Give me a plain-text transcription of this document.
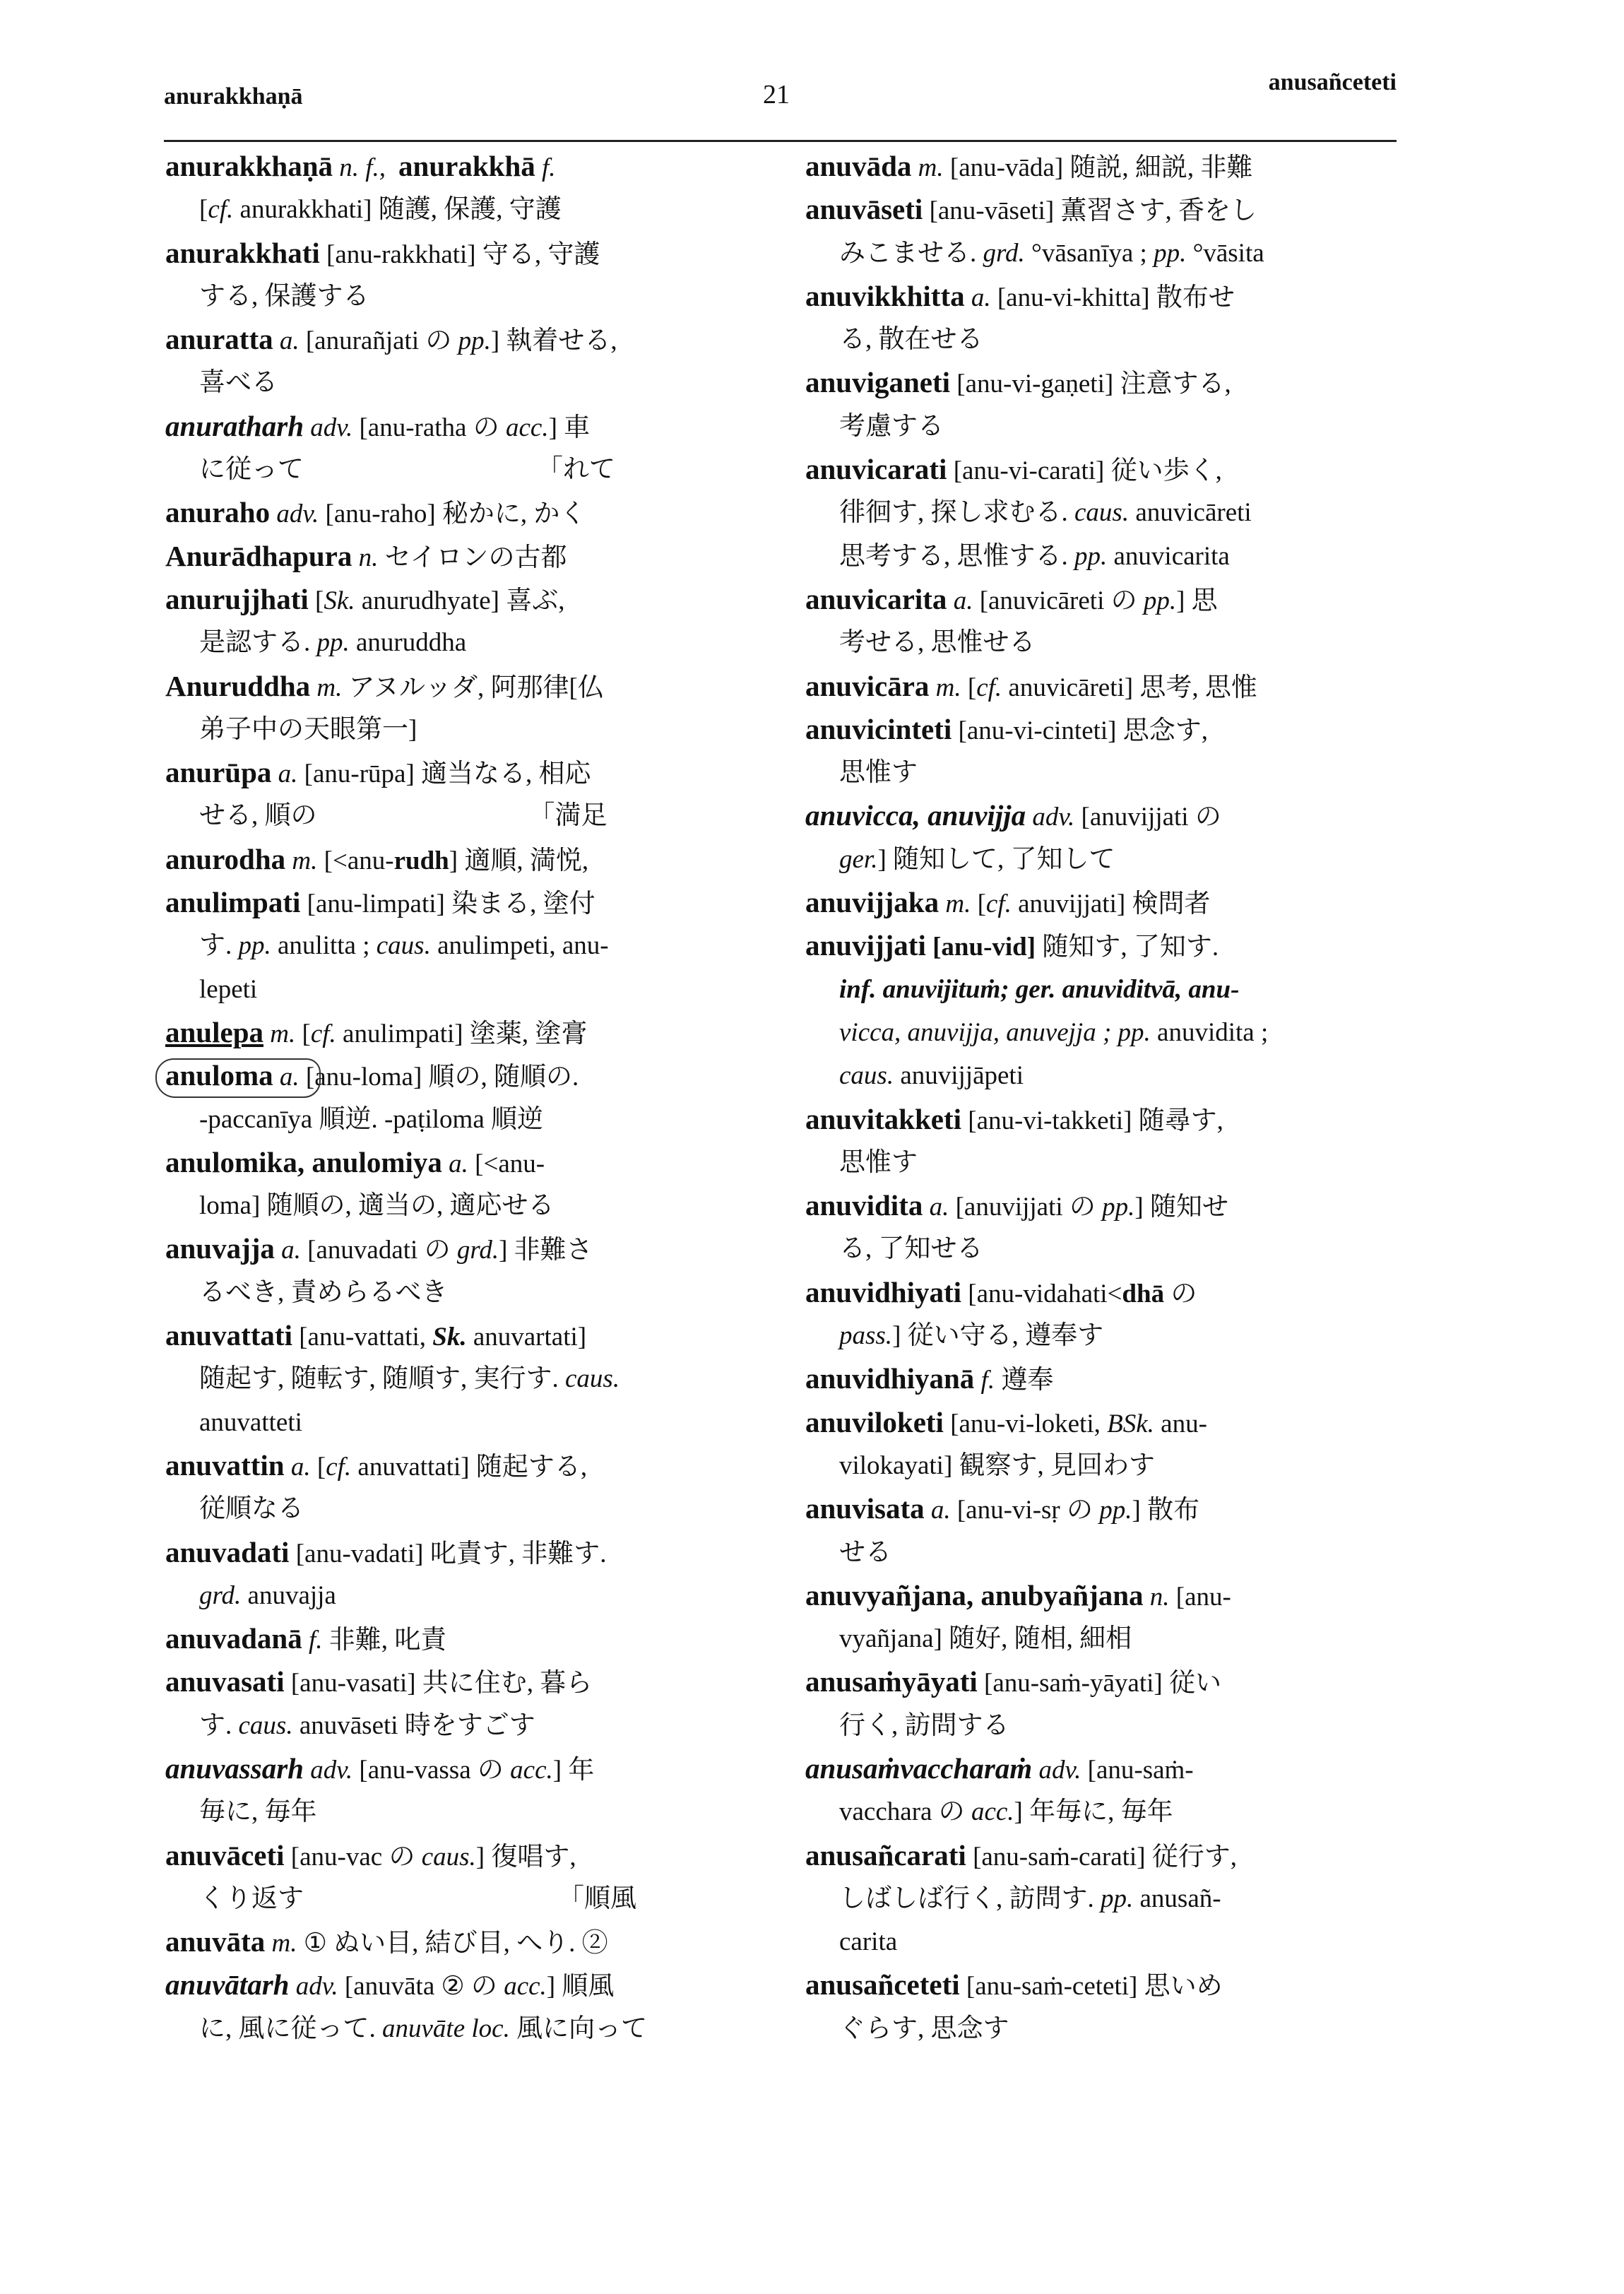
anurakkhaṇā	21	anusañceteti
anurakkhaṇā n. f., anurakkhā f.
[cf. anurakkhati] 随護, 保護, 守護
anurakkhati [anu-rakkhati] 守る, 守護
する, 保護する
anuratta a. [anurañjati の pp.] 執着せる,
喜べる
anuratharh adv. [anu-ratha の acc.] 車
に従って	「れて
anuraho adv. [anu-raho] 秘かに, かく
Anurādhapura n. セイロンの古都
anurujjhati [Sk. anurudhyate] 喜ぶ,
是認する. pp. anuruddha
Anuruddha m. アヌルッダ, 阿那律[仏
弟子中の天眼第一]
anurūpa a. [anu-rūpa] 適当なる, 相応
せる, 順の	「満足
anurodha m. [<anu-rudh] 適順, 満悦,
anulimpati [anu-limpati] 染まる, 塗付
す. pp. anulitta ; caus. anulimpeti, anu-
lepeti
anulepa m. [cf. anulimpati] 塗薬, 塗膏
anuloma a. [anu-loma] 順の, 随順の.
-paccanīya 順逆. -paṭiloma 順逆
anulomika, anulomiya a. [<anu-
loma] 随順の, 適当の, 適応せる
anuvajja a. [anuvadati の grd.] 非難さ
るべき, 責めらるべき
anuvattati [anu-vattati, Sk. anuvartati]
随起す, 随転す, 随順す, 実行す. caus.
anuvatteti
anuvattin a. [cf. anuvattati] 随起する,
従順なる
anuvadati [anu-vadati] 叱責す, 非難す.
grd. anuvajja
anuvadanā f. 非難, 叱責
anuvasati [anu-vasati] 共に住む, 暮ら
す. caus. anuvāseti 時をすごす
anuvassarh adv. [anu-vassa の acc.] 年
毎に, 毎年
anuvāceti [anu-vac の caus.] 復唱す,
くり返す	「順風
anuvāta m. ① ぬい目, 結び目, へり. ②
anuvātarh adv. [anuvāta ② の acc.] 順風
に, 風に従って. anuvāte loc. 風に向って
anuvāda m. [anu-vāda] 随説, 細説, 非難
anuvāseti [anu-vāseti] 薫習さす, 香をし
みこませる. grd. °vāsanīya ; pp. °vāsita
anuvikkhitta a. [anu-vi-khitta] 散布せ
る, 散在せる
anuviganeti [anu-vi-gaṇeti] 注意する,
考慮する
anuvicarati [anu-vi-carati] 従い歩く,
徘徊す, 探し求むる. caus. anuvicāreti
思考する, 思惟する. pp. anuvicarita
anuvicarita a. [anuvicāreti の pp.] 思
考せる, 思惟せる
anuvicāra m. [cf. anuvicāreti] 思考, 思惟
anuvicinteti [anu-vi-cinteti] 思念す,
思惟す
anuvicca, anuvijja adv. [anuvijjati の
ger.] 随知して, 了知して
anuvijjaka m. [cf. anuvijjati] 検問者
anuvijjati [anu-vid] 随知す, 了知す.
inf. anuvijituṁ; ger. anuviditvā, anu-
vicca, anuvijja, anuvejja ; pp. anuvidita ;
caus. anuvijjāpeti
anuvitakketi [anu-vi-takketi] 随尋す,
思惟す
anuvidita a. [anuvijjati の pp.] 随知せ
る, 了知せる
anuvidhiyati [anu-vidahati<dhā の
pass.] 従い守る, 遵奉す
anuvidhiyanā f. 遵奉
anuviloketi [anu-vi-loketi, BSk. anu-
vilokayati] 観察す, 見回わす
anuvisata a. [anu-vi-sṛ の pp.] 散布
せる
anuvyañjana, anubyañjana n. [anu-
vyañjana] 随好, 随相, 細相
anusaṁyāyati [anu-saṁ-yāyati] 従い
行く, 訪問する
anusaṁvaccharaṁ adv. [anu-saṁ-
vacchara の acc.] 年毎に, 毎年
anusañcarati [anu-saṁ-carati] 従行す,
しばしば行く, 訪問す. pp. anusañ-
carita
anusañceteti [anu-saṁ-ceteti] 思いめ
ぐらす, 思念す
